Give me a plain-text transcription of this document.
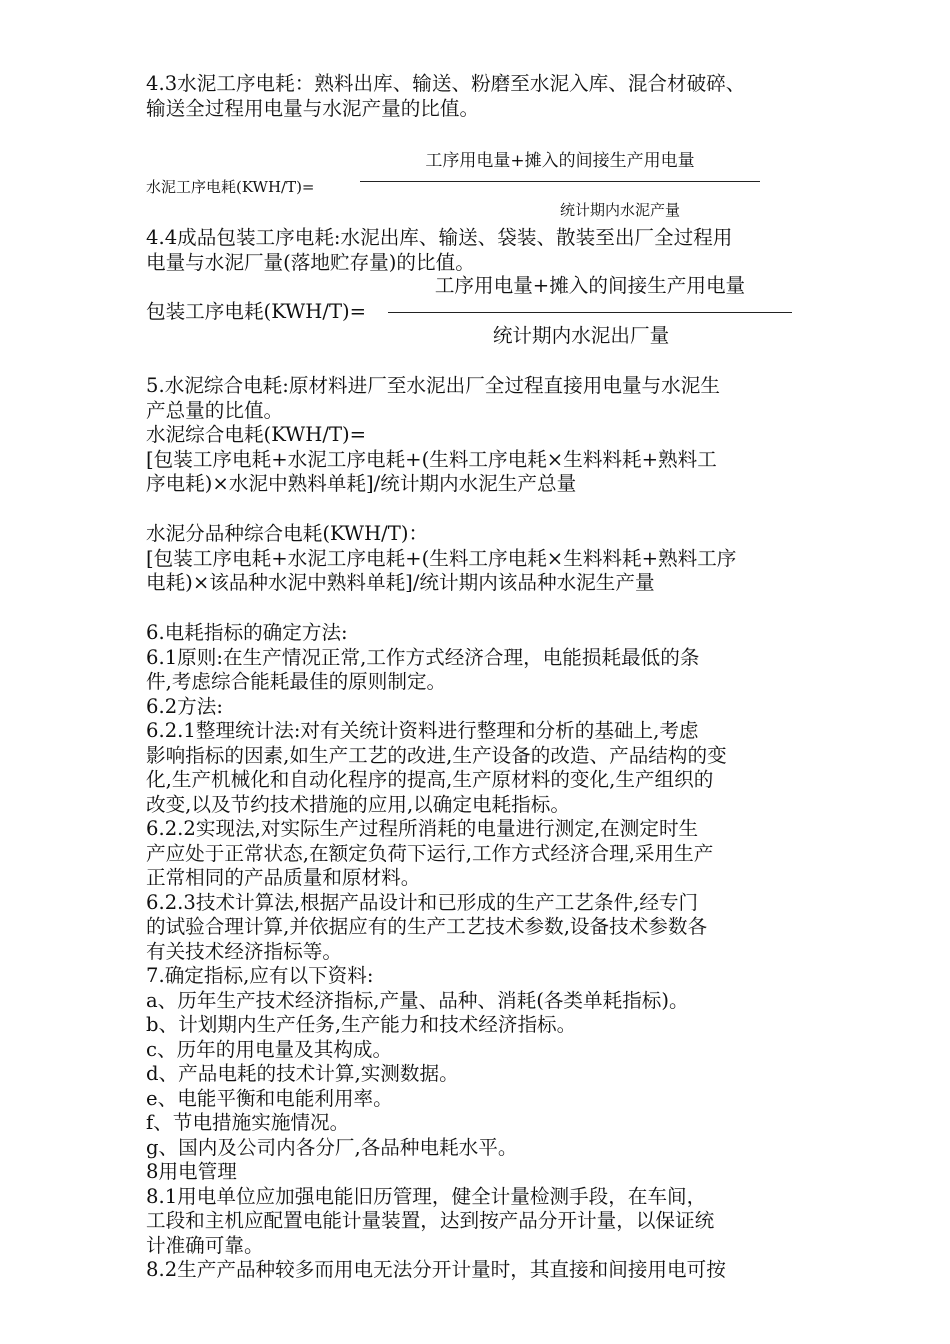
4.3水泥工序电耗：熟料出库、输送、粉磨至水泥入库、混合材破碎、
输送全过程用电量与水泥产量的比值。
工序用电量+摊入的间接生产用电量
水泥工序电耗(KWH/T)=
统计期内水泥产量
4.4成品包装工序电耗:水泥出库、输送、袋装、散装至出厂全过程用
电量与水泥厂量(落地贮存量)的比值。
工序用电量+摊入的间接生产用电量
包装工序电耗(KWH/T)=
统计期内水泥出厂量
5.水泥综合电耗:原材料进厂至水泥出厂全过程直接用电量与水泥生
产总量的比值。
水泥综合电耗(KWH/T)=
[包装工序电耗+水泥工序电耗+(生料工序电耗×生料料耗+熟料工
序电耗)×水泥中熟料单耗]/统计期内水泥生产总量
水泥分品种综合电耗(KWH/T)：
[包装工序电耗+水泥工序电耗+(生料工序电耗×生料料耗+熟料工序
电耗)×该品种水泥中熟料单耗]/统计期内该品种水泥生产量
6.电耗指标的确定方法:
6.1原则:在生产情况正常,工作方式经济合理，电能损耗最低的条
件,考虑综合能耗最佳的原则制定。
6.2方法:
6.2.1整理统计法:对有关统计资料进行整理和分析的基础上,考虑
影响指标的因素,如生产工艺的改进,生产设备的改造、产品结构的变
化,生产机械化和自动化程序的提高,生产原材料的变化,生产组织的
改变,以及节约技术措施的应用,以确定电耗指标。
6.2.2实现法,对实际生产过程所消耗的电量进行测定,在测定时生
产应处于正常状态,在额定负荷下运行,工作方式经济合理,采用生产
正常相同的产品质量和原材料。
6.2.3技术计算法,根据产品设计和已形成的生产工艺条件,经专门
的试验合理计算,并依据应有的生产工艺技术参数,设备技术参数各
有关技术经济指标等。
7.确定指标,应有以下资料:
a、历年生产技术经济指标,产量、品种、消耗(各类单耗指标)。
b、计划期内生产任务,生产能力和技术经济指标。
c、历年的用电量及其构成。
d、产品电耗的技术计算,实测数据。
e、电能平衡和电能利用率。
f、节电措施实施情况。
g、国内及公司内各分厂,各品种电耗水平。
8用电管理
8.1用电单位应加强电能旧历管理，健全计量检测手段，在车间，
工段和主机应配置电能计量装置，达到按产品分开计量，以保证统
计准确可靠。
8.2生产产品种较多而用电无法分开计量时，其直接和间接用电可按
